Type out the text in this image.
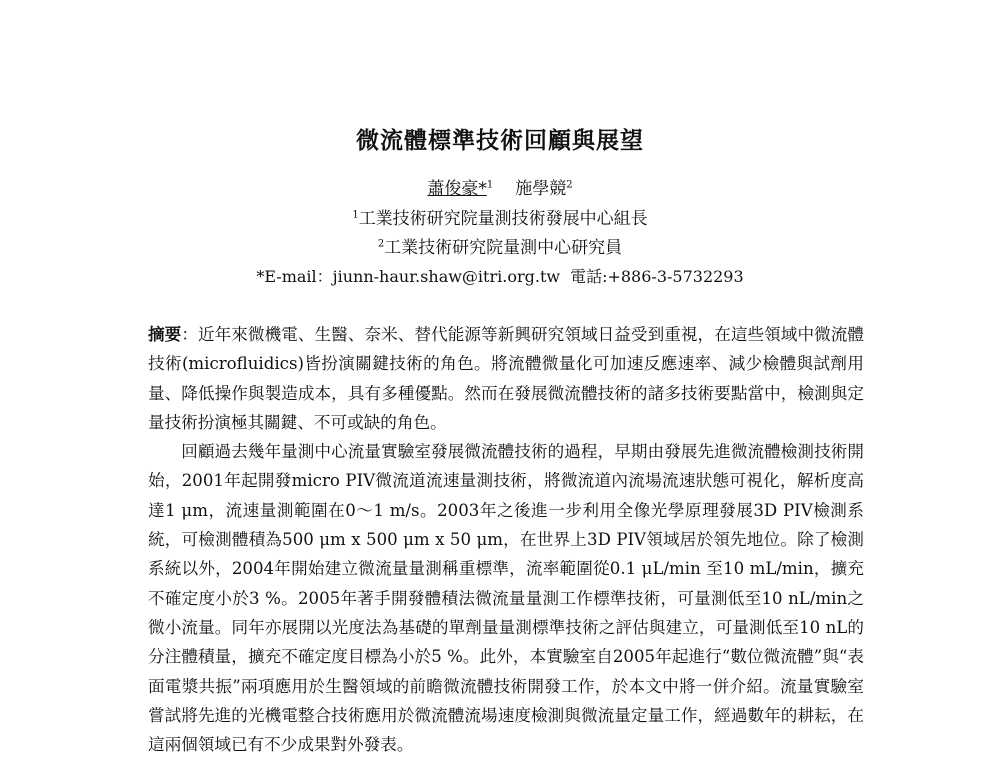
微流體標準技術回顧與展望
蕭俊豪*$^1$ 施學競$^2$
$^1$工業技術研究院量測技術發展中心組長
$^2$工業技術研究院量測中心研究員
*E-mail：jiunn-haur.shaw@itri.org.tw 電話:+886-3-5732293

摘要：近年來微機電、生醫、奈米、替代能源等新興研究領域日益受到重視，在這些領域中微流體技術(microfluidics)皆扮演關鍵技術的角色。將流體微量化可加速反應速率、減少檢體與試劑用量、降低操作與製造成本，具有多種優點。然而在發展微流體技術的諸多技術要點當中，檢測與定量技術扮演極其關鍵、不可或缺的角色。

回顧過去幾年量測中心流量實驗室發展微流體技術的過程，早期由發展先進微流體檢測技術開始，2001年起開發micro PIV微流道流速量測技術，將微流道內流場流速狀態可視化，解析度高達1 μm，流速量測範圍在0～1 m/s。2003年之後進一步利用全像光學原理發展3D PIV檢測系統，可檢測體積為500 μm x 500 μm x 50 μm，在世界上3D PIV領域居於領先地位。除了檢測系統以外，2004年開始建立微流量量測稱重標準，流率範圍從0.1 μL/min 至10 mL/min，擴充不確定度小於3 %。2005年著手開發體積法微流量量測工作標準技術，可量測低至10 nL/min之微小流量。同年亦展開以光度法為基礎的單劑量量測標準技術之評估與建立，可量測低至10 nL的分注體積量，擴充不確定度目標為小於5 %。此外，本實驗室自2005年起進行“數位微流體”與“表面電漿共振”兩項應用於生醫領域的前瞻微流體技術開發工作，於本文中將一併介紹。流量實驗室嘗試將先進的光機電整合技術應用於微流體流場速度檢測與微流量定量工作，經過數年的耕耘，在這兩個領域已有不少成果對外發表。
